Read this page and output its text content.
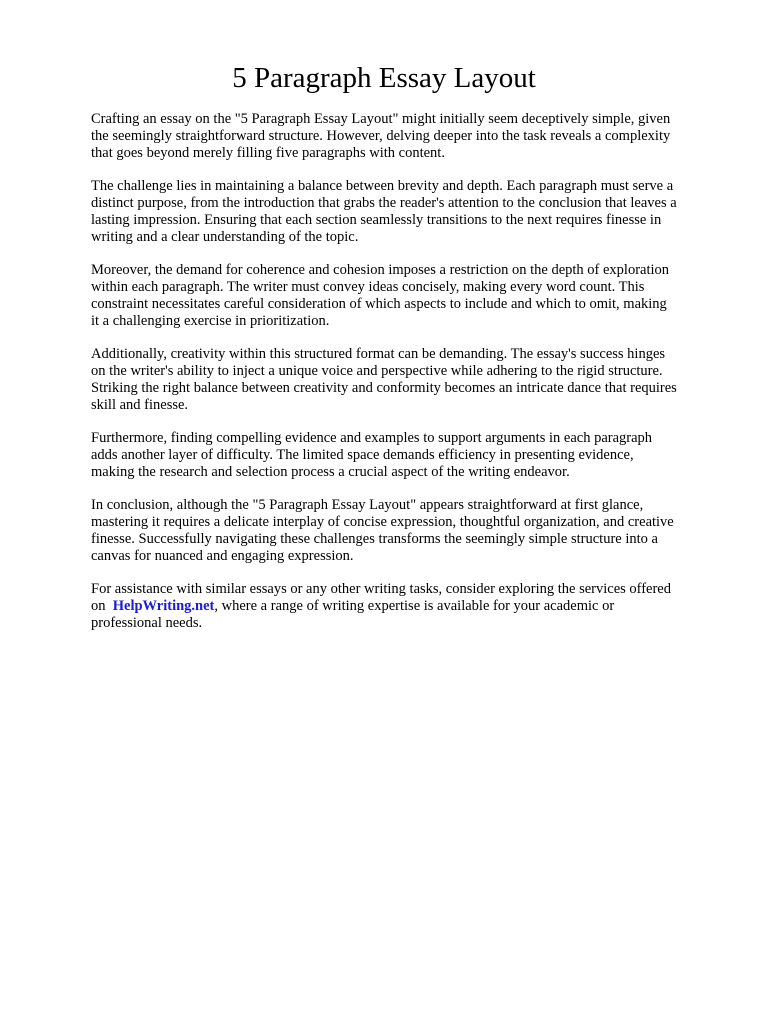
5 Paragraph Essay Layout

Crafting an essay on the "5 Paragraph Essay Layout" might initially seem deceptively simple, given
the seemingly straightforward structure. However, delving deeper into the task reveals a complexity
that goes beyond merely filling five paragraphs with content.

The challenge lies in maintaining a balance between brevity and depth. Each paragraph must serve a
distinct purpose, from the introduction that grabs the reader's attention to the conclusion that leaves a
lasting impression. Ensuring that each section seamlessly transitions to the next requires finesse in
writing and a clear understanding of the topic.

Moreover, the demand for coherence and cohesion imposes a restriction on the depth of exploration
within each paragraph. The writer must convey ideas concisely, making every word count. This
constraint necessitates careful consideration of which aspects to include and which to omit, making
it a challenging exercise in prioritization.

Additionally, creativity within this structured format can be demanding. The essay's success hinges
on the writer's ability to inject a unique voice and perspective while adhering to the rigid structure.
Striking the right balance between creativity and conformity becomes an intricate dance that requires
skill and finesse.

Furthermore, finding compelling evidence and examples to support arguments in each paragraph
adds another layer of difficulty. The limited space demands efficiency in presenting evidence,
making the research and selection process a crucial aspect of the writing endeavor.

In conclusion, although the "5 Paragraph Essay Layout" appears straightforward at first glance,
mastering it requires a delicate interplay of concise expression, thoughtful organization, and creative
finesse. Successfully navigating these challenges transforms the seemingly simple structure into a
canvas for nuanced and engaging expression.

For assistance with similar essays or any other writing tasks, consider exploring the services offered
on HelpWriting.net, where a range of writing expertise is available for your academic or
professional needs.
